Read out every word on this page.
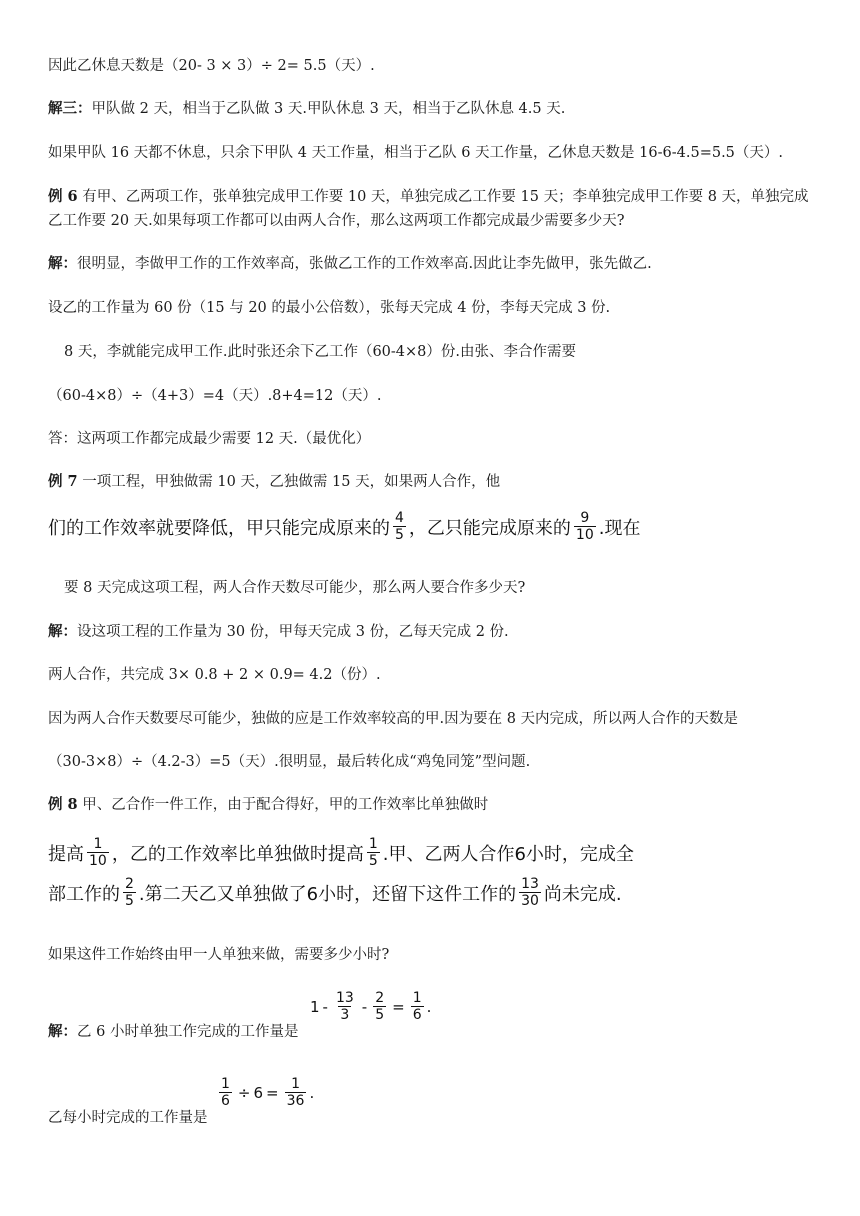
因此乙休息天数是（20- 3 × 3）÷ 2= 5.5（天）.
解三：甲队做 2 天，相当于乙队做 3 天.甲队休息 3 天，相当于乙队休息 4.5 天.
如果甲队 16 天都不休息，只余下甲队 4 天工作量，相当于乙队 6 天工作量，乙休息天数是 16-6-4.5=5.5（天）.
例 6 有甲、乙两项工作，张单独完成甲工作要 10 天，单独完成乙工作要 15 天；李单独完成甲工作要 8 天，单独完成乙工作要 20 天.如果每项工作都可以由两人合作，那么这两项工作都完成最少需要多少天?
解：很明显，李做甲工作的工作效率高，张做乙工作的工作效率高.因此让李先做甲，张先做乙.
设乙的工作量为 60 份（15 与 20 的最小公倍数），张每天完成 4 份，李每天完成 3 份.
8 天，李就能完成甲工作.此时张还余下乙工作（60-4×8）份.由张、李合作需要
（60-4×8）÷（4+3）=4（天）.8+4=12（天）.
答：这两项工作都完成最少需要 12 天.（最优化）
例 7 一项工程，甲独做需 10 天，乙独做需 15 天，如果两人合作，他
们的工作效率就要降低，甲只能完成原来的 $\frac{4}{5}$ ，乙只能完成原来的 $\frac{9}{10}$ .现在
要 8 天完成这项工程，两人合作天数尽可能少，那么两人要合作多少天?
解：设这项工程的工作量为 30 份，甲每天完成 3 份，乙每天完成 2 份.
两人合作，共完成 3× 0.8 + 2 × 0.9= 4.2（份）.
因为两人合作天数要尽可能少，独做的应是工作效率较高的甲.因为要在 8 天内完成，所以两人合作的天数是
（30-3×8）÷（4.2-3）=5（天）.很明显，最后转化成“鸡兔同笼”型问题.
例 8 甲、乙合作一件工作，由于配合得好，甲的工作效率比单独做时
提高 $\frac{1}{10}$ ，乙的工作效率比单独做时提高 $\frac{1}{5}$ .甲、乙两人合作6小时，完成全
部工作的 $\frac{2}{5}$ .第二天乙又单独做了6小时，还留下这件工作的 $\frac{13}{30}$ 尚未完成.
如果这件工作始终由甲一人单独来做，需要多少小时?
解：乙 6 小时单独工作完成的工作量是
$1 - \frac{13}{3} - \frac{2}{5} = \frac{1}{6}$ .
乙每小时完成的工作量是
$\frac{1}{6} \div 6 = \frac{1}{36}$ .
